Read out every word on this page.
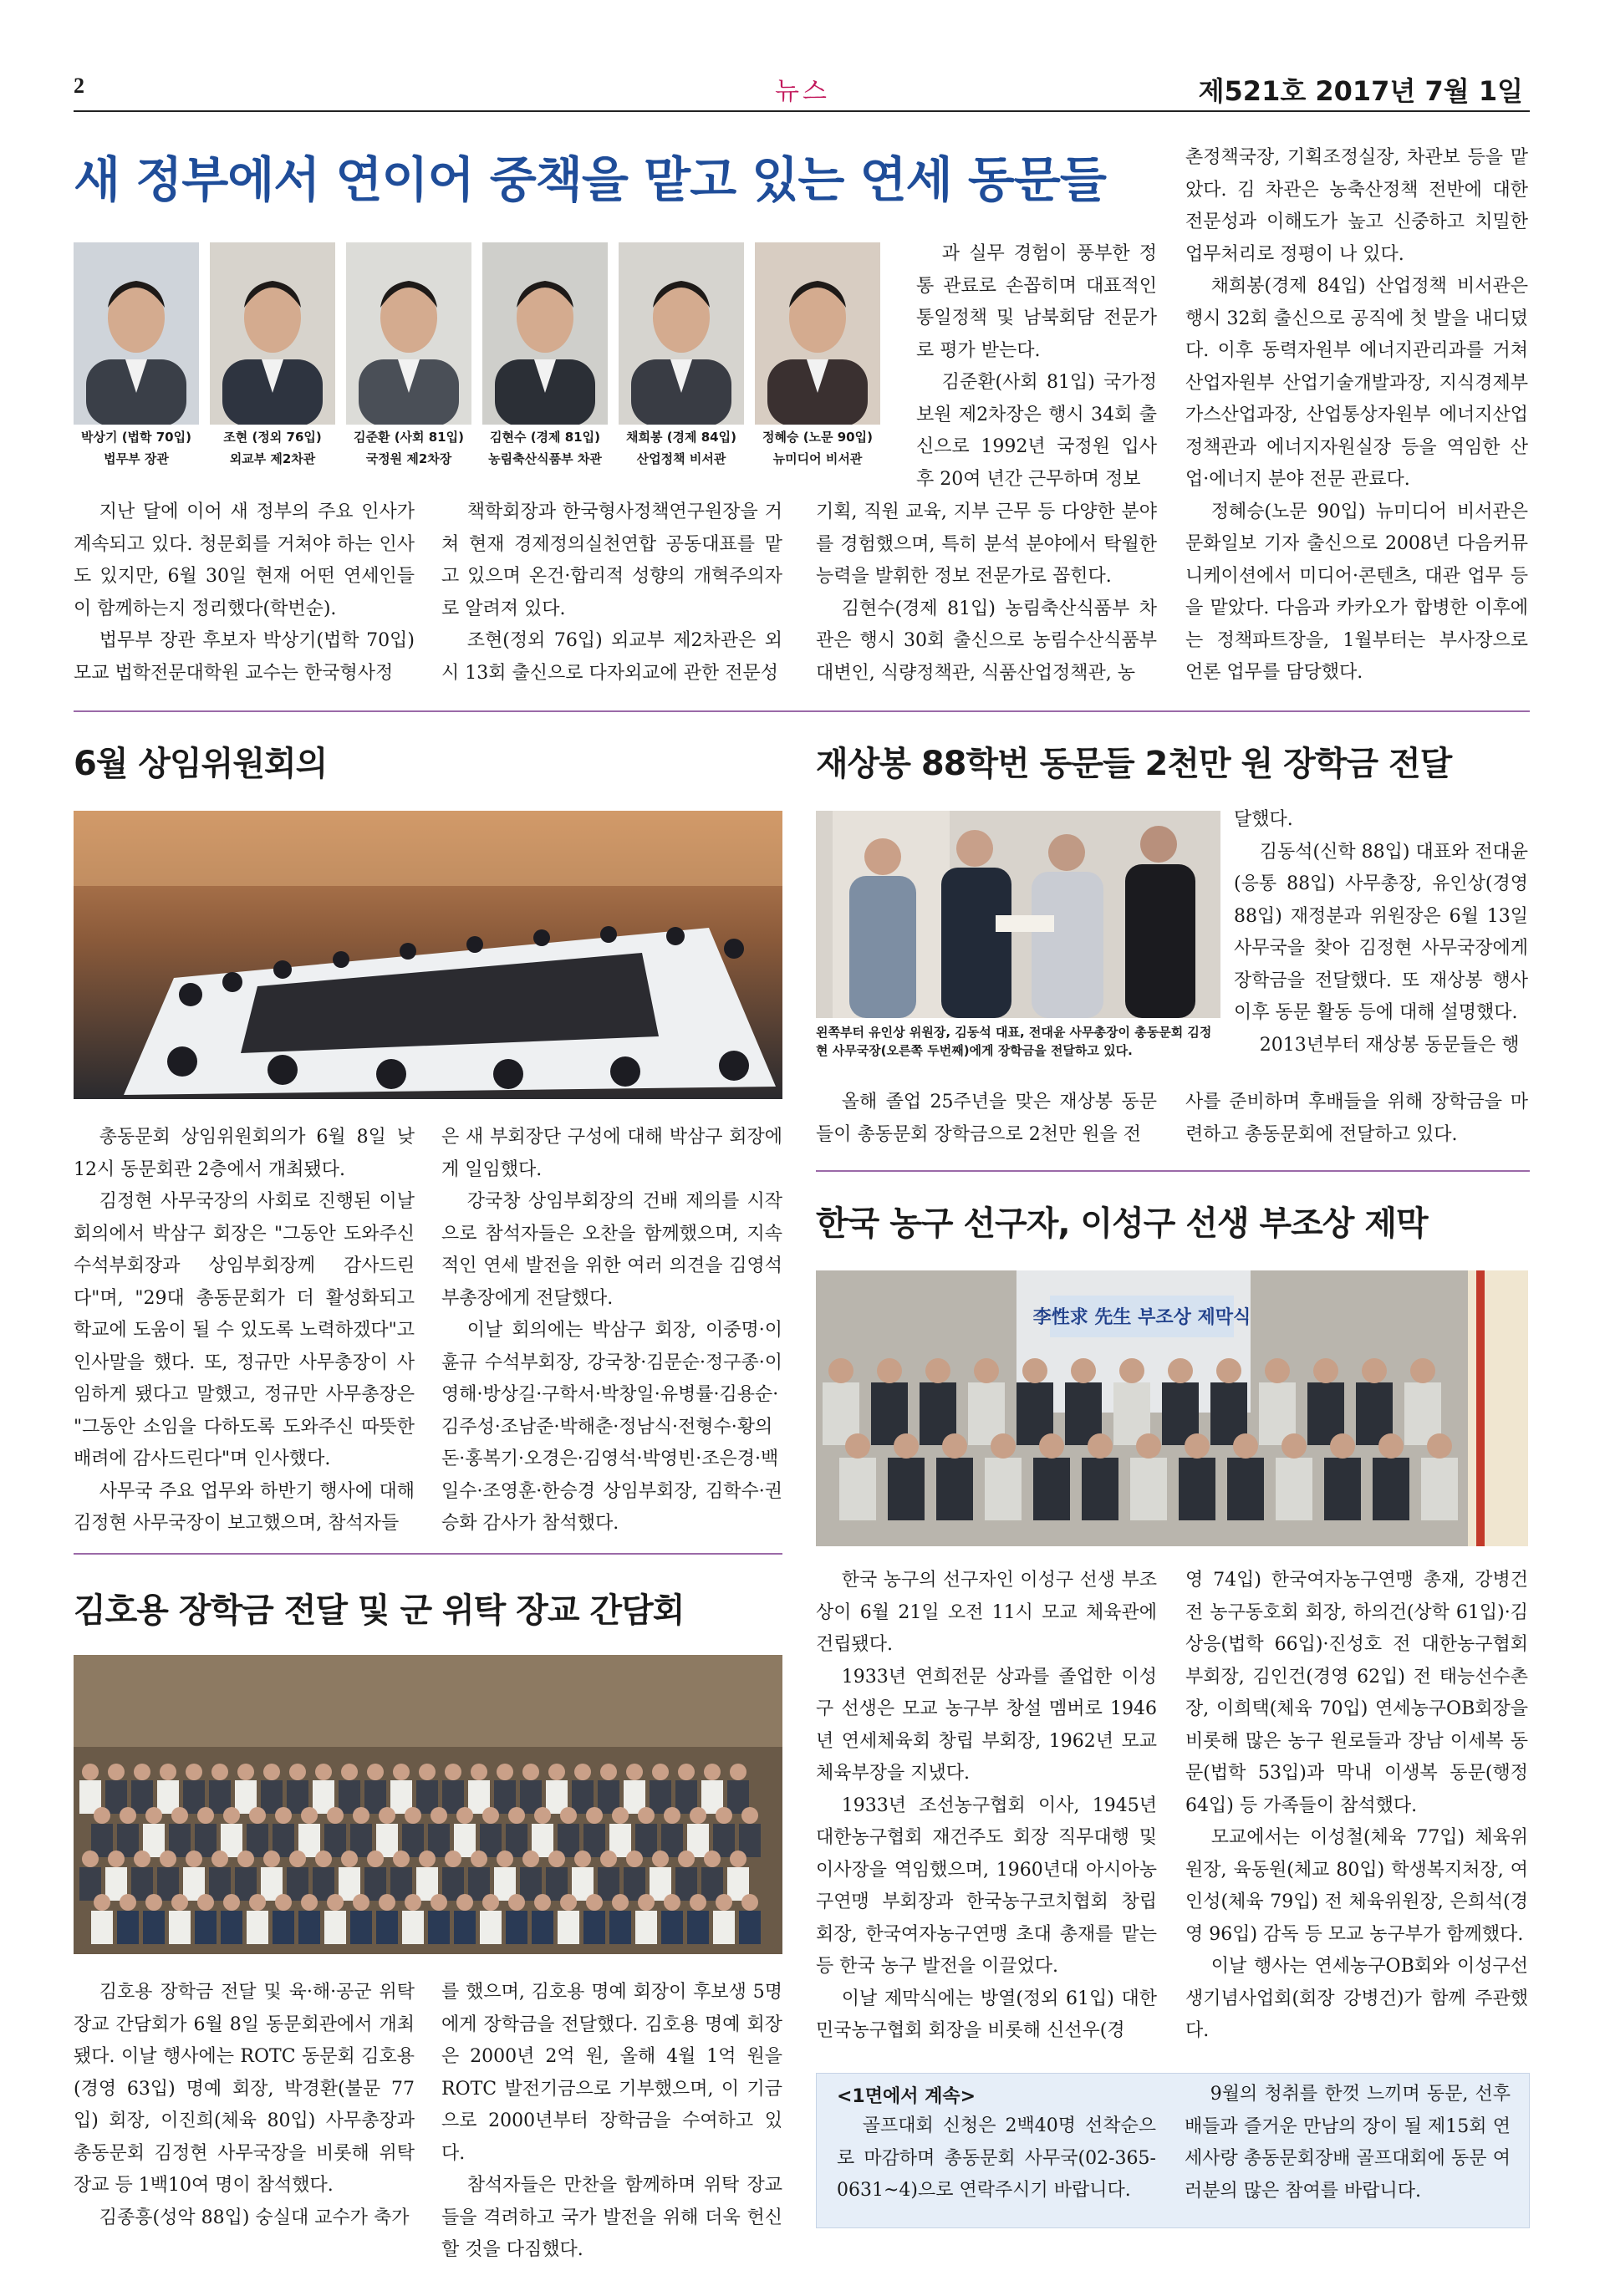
2	뉴스	제521호 2017년 7월 1일
새 정부에서 연이어 중책을 맡고 있는 연세 동문들
박상기 (법학 70입)
법무부 장관
조현 (정외 76입)
외교부 제2차관
김준환 (사회 81입)
국정원 제2차장
김현수 (경제 81입)
농림축산식품부 차관
채희봉 (경제 84입)
산업정책 비서관
정혜승 (노문 90입)
뉴미디어 비서관

지난 달에 이어 새 정부의 주요 인사가 계속되고 있다. 청문회를 거쳐야 하는 인사도 있지만, 6월 30일 현재 어떤 연세인들이 함께하는지 정리했다(학번순).

법무부 장관 후보자 박상기(법학 70입) 모교 법학전문대학원 교수는 한국형사정

책학회장과 한국형사정책연구원장을 거쳐 현재 경제정의실천연합 공동대표를 맡고 있으며 온건·합리적 성향의 개혁주의자로 알려져 있다.

조현(정외 76입) 외교부 제2차관은 외시 13회 출신으로 다자외교에 관한 전문성

과 실무 경험이 풍부한 정통 관료로 손꼽히며 대표적인 통일정책 및 남북회담 전문가로 평가 받는다.

김준환(사회 81입) 국가정보원 제2차장은 행시 34회 출신으로 1992년 국정원 입사 후 20여 년간 근무하며 정보

기획, 직원 교육, 지부 근무 등 다양한 분야를 경험했으며, 특히 분석 분야에서 탁월한 능력을 발휘한 정보 전문가로 꼽힌다.

김현수(경제 81입) 농림축산식품부 차관은 행시 30회 출신으로 농림수산식품부 대변인, 식량정책관, 식품산업정책관, 농

촌정책국장, 기획조정실장, 차관보 등을 맡았다. 김 차관은 농축산정책 전반에 대한 전문성과 이해도가 높고 신중하고 치밀한 업무처리로 정평이 나 있다.

채희봉(경제 84입) 산업정책 비서관은 행시 32회 출신으로 공직에 첫 발을 내디뎠다. 이후 동력자원부 에너지관리과를 거쳐 산업자원부 산업기술개발과장, 지식경제부 가스산업과장, 산업통상자원부 에너지산업정책관과 에너지자원실장 등을 역임한 산업·에너지 분야 전문 관료다.

정혜승(노문 90입) 뉴미디어 비서관은 문화일보 기자 출신으로 2008년 다음커뮤니케이션에서 미디어·콘텐츠, 대관 업무 등을 맡았다. 다음과 카카오가 합병한 이후에는 정책파트장을, 1월부터는 부사장으로 언론 업무를 담당했다.

6월 상임위원회의

총동문회 상임위원회의가 6월 8일 낮 12시 동문회관 2층에서 개최됐다.

김정현 사무국장의 사회로 진행된 이날 회의에서 박삼구 회장은 "그동안 도와주신 수석부회장과 상임부회장께 감사드린다"며, "29대 총동문회가 더 활성화되고 학교에 도움이 될 수 있도록 노력하겠다"고 인사말을 했다. 또, 정규만 사무총장이 사임하게 됐다고 말했고, 정규만 사무총장은 "그동안 소임을 다하도록 도와주신 따뜻한 배려에 감사드린다"며 인사했다.

사무국 주요 업무와 하반기 행사에 대해 김정현 사무국장이 보고했으며, 참석자들

은 새 부회장단 구성에 대해 박삼구 회장에게 일임했다.

강국창 상임부회장의 건배 제의를 시작으로 참석자들은 오찬을 함께했으며, 지속적인 연세 발전을 위한 여러 의견을 김영석 부총장에게 전달했다.

이날 회의에는 박삼구 회장, 이중명·이휸규 수석부회장, 강국창·김문순·정구종·이영해·방상길·구학서·박창일·유병률·김용순·김주성·조남준·박해춘·정남식·전형수·황의돈·홍복기·오경은·김영석·박영빈·조은경·백일수·조영훈·한승경 상임부회장, 김학수·권승화 감사가 참석했다.

김호용 장학금 전달 및 군 위탁 장교 간담회

김호용 장학금 전달 및 육·해·공군 위탁장교 간담회가 6월 8일 동문회관에서 개최됐다. 이날 행사에는 ROTC 동문회 김호용(경영 63입) 명예 회장, 박경환(불문 77입) 회장, 이진희(체육 80입) 사무총장과 총동문회 김정현 사무국장을 비롯해 위탁 장교 등 1백10여 명이 참석했다.

김종흥(성악 88입) 숭실대 교수가 축가

를 했으며, 김호용 명예 회장이 후보생 5명에게 장학금을 전달했다. 김호용 명예 회장은 2000년 2억 원, 올해 4월 1억 원을 ROTC 발전기금으로 기부했으며, 이 기금으로 2000년부터 장학금을 수여하고 있다.

참석자들은 만찬을 함께하며 위탁 장교들을 격려하고 국가 발전을 위해 더욱 헌신할 것을 다짐했다.

재상봉 88학번 동문들 2천만 원 장학금 전달
왼쪽부터 유인상 위원장, 김동석 대표, 전대윤 사무총장이 총동문회 김정현 사무국장(오른쪽 두번째)에게 장학금을 전달하고 있다.

올해 졸업 25주년을 맞은 재상봉 동문들이 총동문회 장학금으로 2천만 원을 전

달했다.

김동석(신학 88입) 대표와 전대윤(응통 88입) 사무총장, 유인상(경영 88입) 재정분과 위원장은 6월 13일 사무국을 찾아 김정현 사무국장에게 장학금을 전달했다. 또 재상봉 행사 이후 동문 활동 등에 대해 설명했다.

2013년부터 재상봉 동문들은 행

사를 준비하며 후배들을 위해 장학금을 마련하고 총동문회에 전달하고 있다.

한국 농구 선구자, 이성구 선생 부조상 제막
李性求 先生 부조상 제막식

한국 농구의 선구자인 이성구 선생 부조상이 6월 21일 오전 11시 모교 체육관에 건립됐다.

1933년 연희전문 상과를 졸업한 이성구 선생은 모교 농구부 창설 멤버로 1946년 연세체육회 창립 부회장, 1962년 모교 체육부장을 지냈다.

1933년 조선농구협회 이사, 1945년 대한농구협회 재건주도 회장 직무대행 및 이사장을 역임했으며, 1960년대 아시아농구연맹 부회장과 한국농구코치협회 창립 회장, 한국여자농구연맹 초대 총재를 맡는 등 한국 농구 발전을 이끌었다.

이날 제막식에는 방열(정외 61입) 대한민국농구협회 회장을 비롯해 신선우(경

영 74입) 한국여자농구연맹 총재, 강병건 전 농구동호회 회장, 하의건(상학 61입)·김상응(법학 66입)·진성호 전 대한농구협회 부회장, 김인건(경영 62입) 전 태능선수촌장, 이희택(체육 70입) 연세농구OB회장을 비롯해 많은 농구 원로들과 장남 이세복 동문(법학 53입)과 막내 이생복 동문(행정 64입) 등 가족들이 참석했다.

모교에서는 이성철(체육 77입) 체육위원장, 육동원(체교 80입) 학생복지처장, 여인성(체육 79입) 전 체육위원장, 은희석(경영 96입) 감독 등 모교 농구부가 함께했다.

이날 행사는 연세농구OB회와 이성구선생기념사업회(회장 강병건)가 함께 주관했다.

<1면에서 계속>

골프대회 신청은 2백40명 선착순으로 마감하며 총동문회 사무국(02-365-0631~4)으로 연락주시기 바랍니다.

9월의 청취를 한껏 느끼며 동문, 선후배들과 즐거운 만남의 장이 될 제15회 연세사랑 총동문회장배 골프대회에 동문 여러분의 많은 참여를 바랍니다.
